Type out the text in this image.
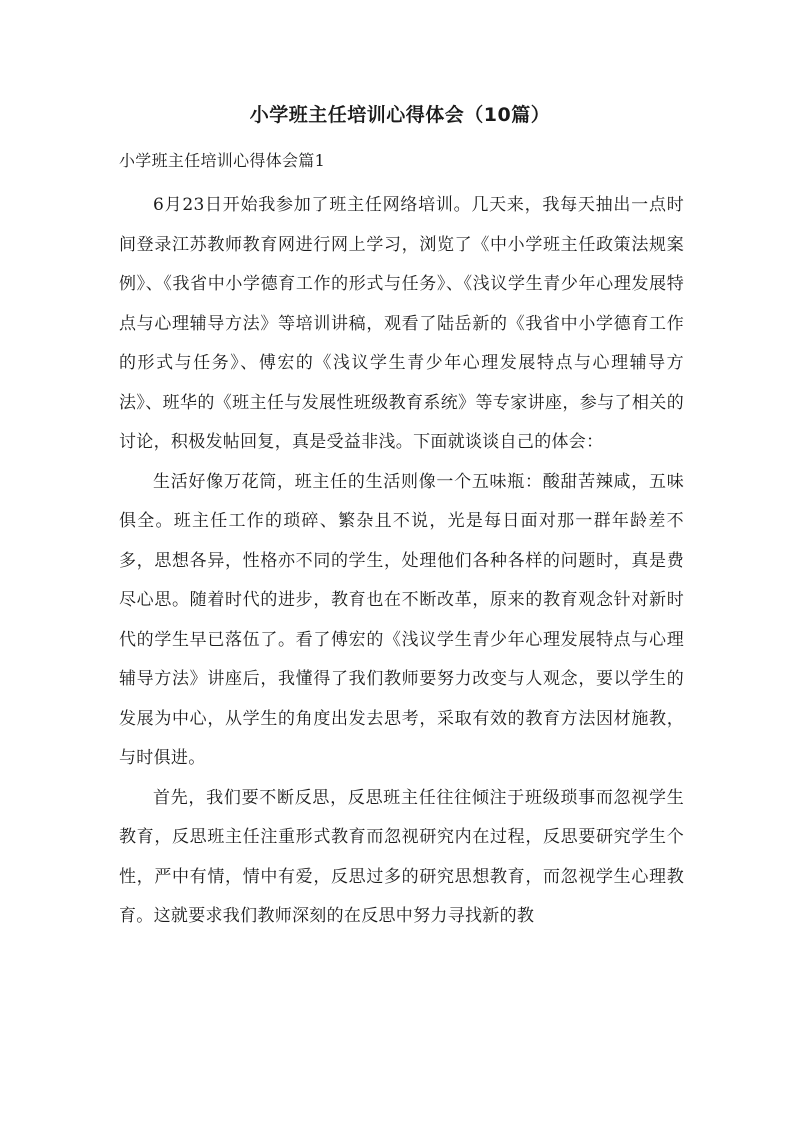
小学班主任培训心得体会（10篇）
小学班主任培训心得体会篇1

6月23日开始我参加了班主任网络培训。几天来，我每天抽出一点时间登录江苏教师教育网进行网上学习，浏览了《中小学班主任政策法规案例》、《我省中小学德育工作的形式与任务》、《浅议学生青少年心理发展特点与心理辅导方法》等培训讲稿，观看了陆岳新的《我省中小学德育工作的形式与任务》、傅宏的《浅议学生青少年心理发展特点与心理辅导方法》、班华的《班主任与发展性班级教育系统》等专家讲座，参与了相关的讨论，积极发帖回复，真是受益非浅。下面就谈谈自己的体会：

生活好像万花筒，班主任的生活则像一个五味瓶：酸甜苦辣咸，五味俱全。班主任工作的琐碎、繁杂且不说，光是每日面对那一群年龄差不多，思想各异，性格亦不同的学生，处理他们各种各样的问题时，真是费尽心思。随着时代的进步，教育也在不断改革，原来的教育观念针对新时代的学生早已落伍了。看了傅宏的《浅议学生青少年心理发展特点与心理辅导方法》讲座后，我懂得了我们教师要努力改变与人观念，要以学生的发展为中心，从学生的角度出发去思考，采取有效的教育方法因材施教，与时俱进。

首先，我们要不断反思，反思班主任往往倾注于班级琐事而忽视学生教育，反思班主任注重形式教育而忽视研究内在过程，反思要研究学生个性，严中有情，情中有爱，反思过多的研究思想教育，而忽视学生心理教育。这就要求我们教师深刻的在反思中努力寻找新的教
